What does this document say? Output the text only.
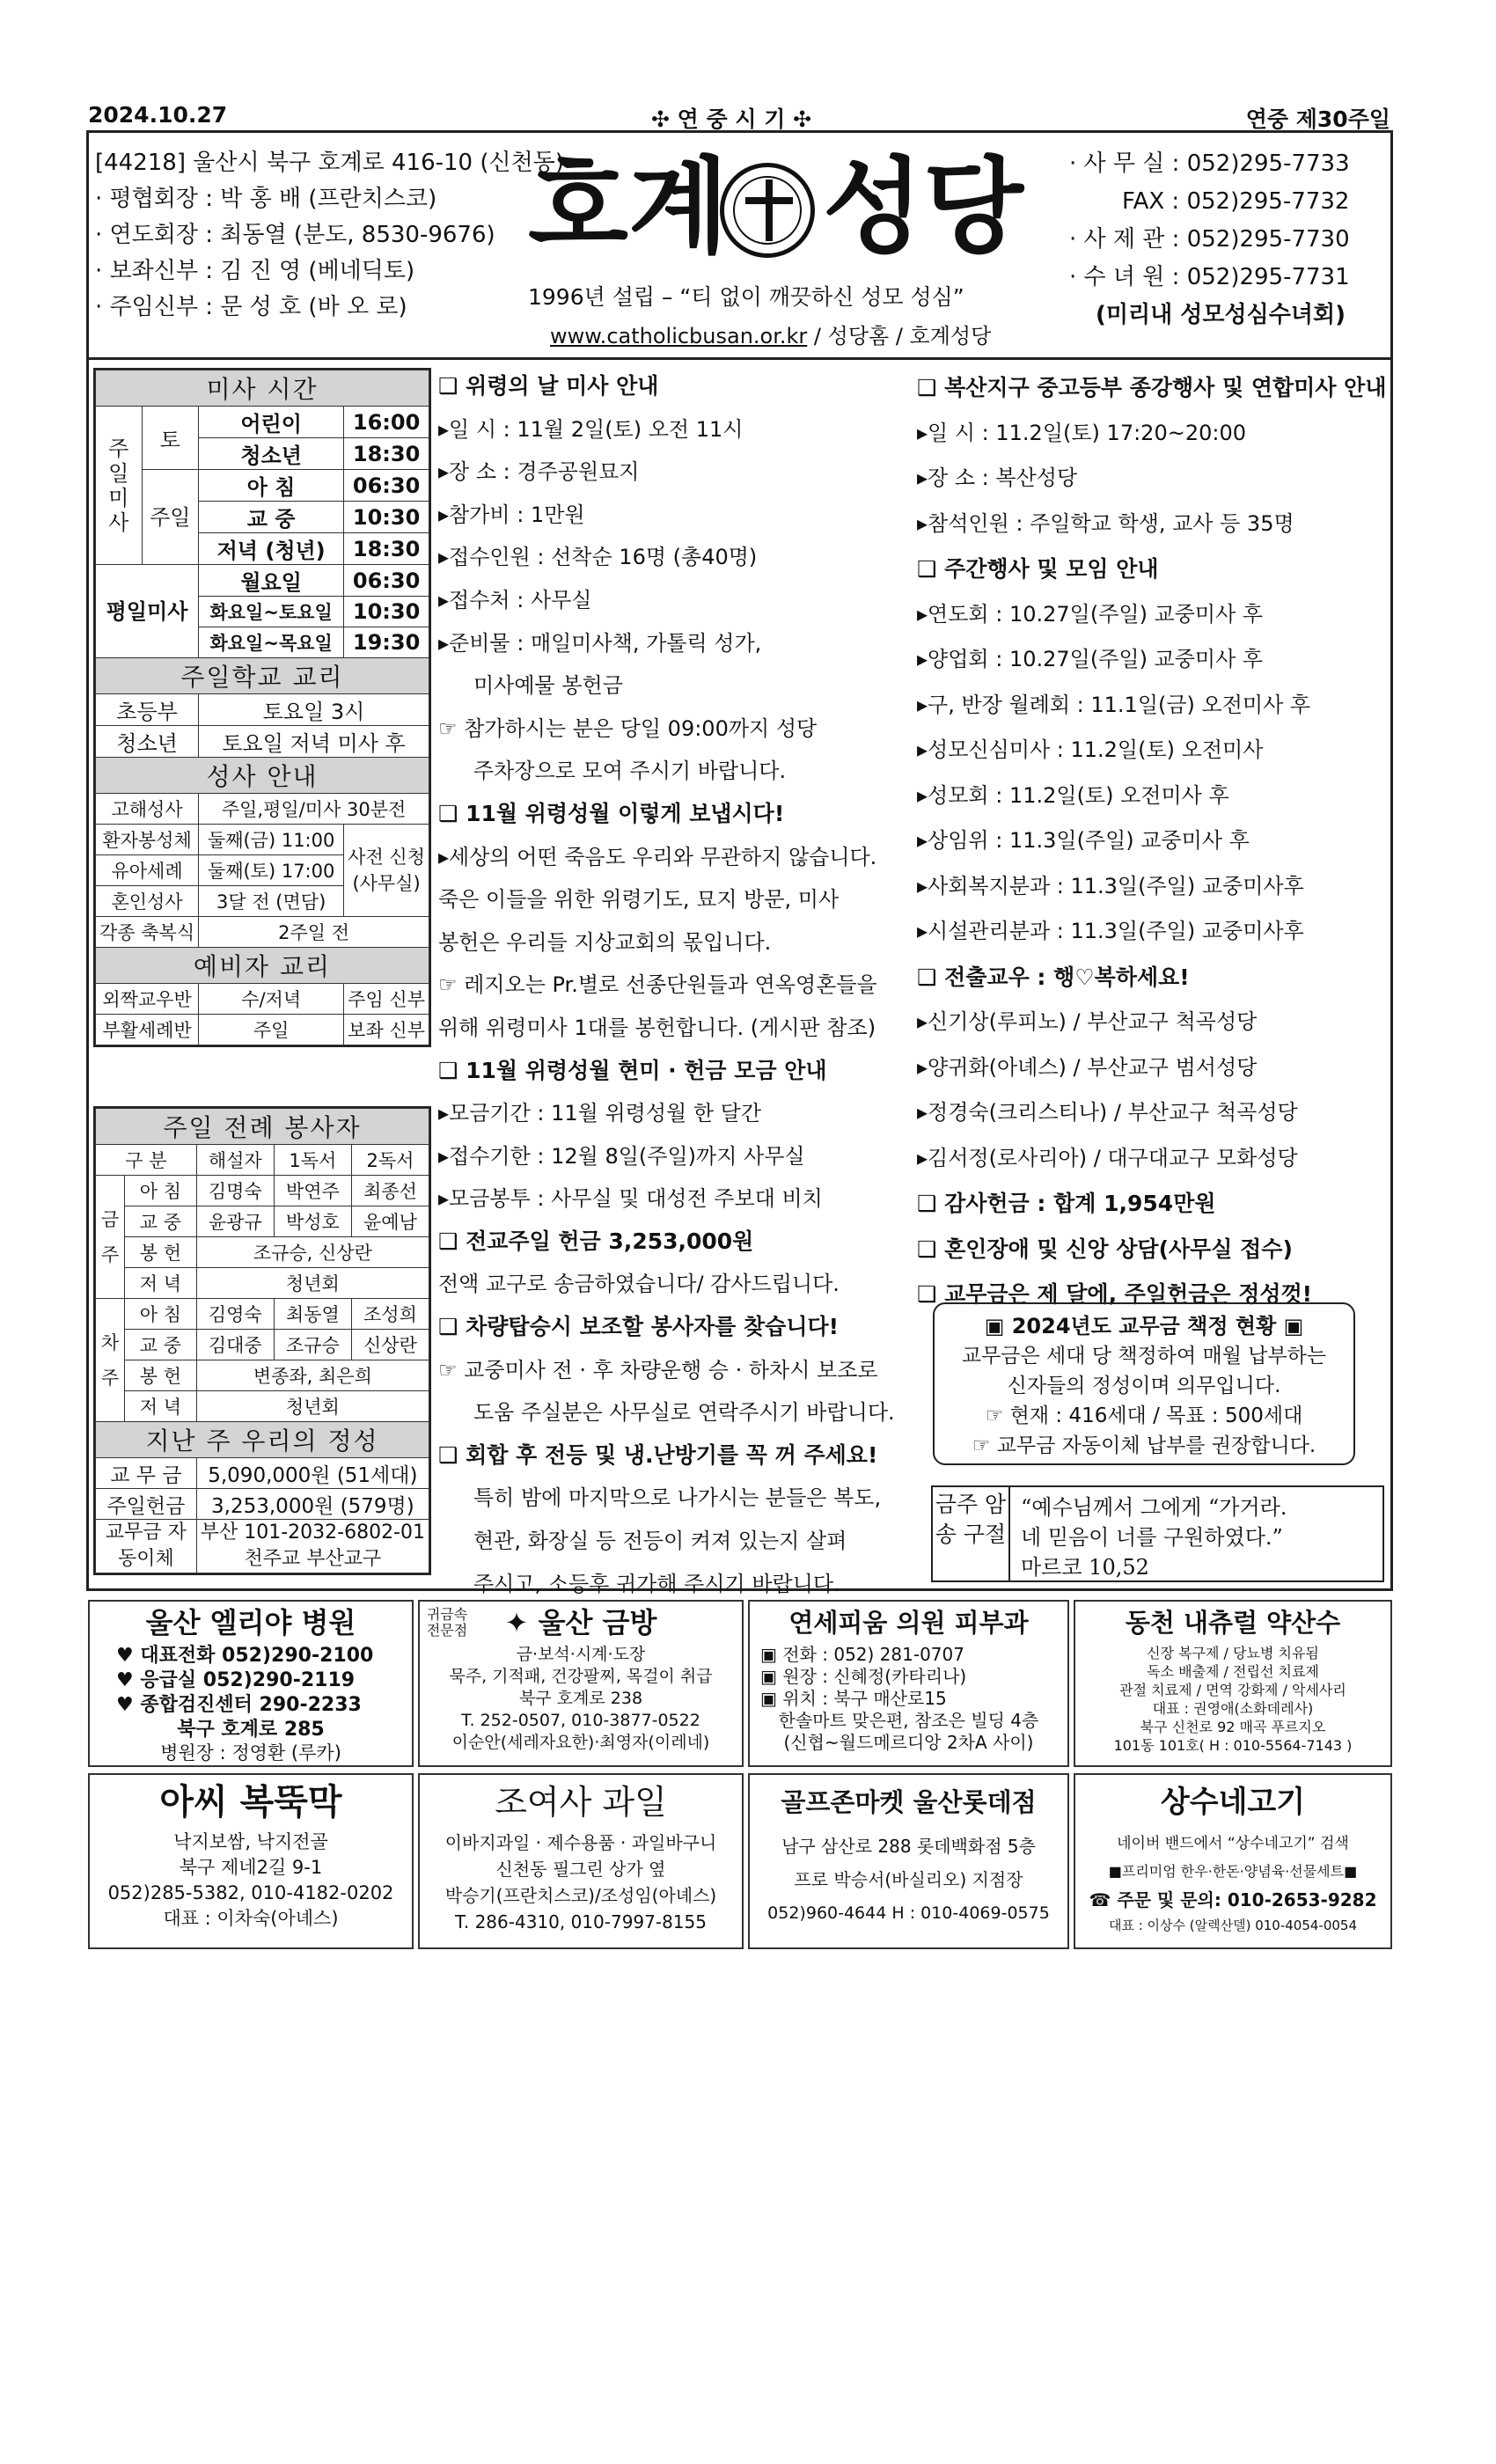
2024.10.27	✣ 연 중 시 기 ✣	연중 제30주일
[44218] 울산시 북구 호계로 416-10 (신천동)
· 평협회장 : 박 홍 배 (프란치스코)
· 연도회장 : 최동열 (분도, 8530-9676)
· 보좌신부 : 김 진 영 (베네딕토)
· 주임신부 : 문 성 호 (바 오 로)
호계 성당
1996년 설립 – “티 없이 깨끗하신 성모 성심”
www.catholicbusan.or.kr / 성당홈 / 호계성당
· 사 무 실 : 052)295-7733
FAX : 052)295-7732
· 사 제 관 : 052)295-7730
· 수 녀 원 : 052)295-7731
(미리내 성모성심수녀회)
미사 시간			
주일미사	토	어린이	16:00
		청소년	18:30
	주일	아 침	06:30
		교 중	10:30
		저녁 (청년)	18:30
평일미사		월요일	06:30
		화요일~토요일	10:30
		화요일~목요일	19:30
주일학교 교리			
초등부		토요일 3시	
청소년		토요일 저녁 미사 후	
성사 안내			
고해성사		주일,평일/미사 30분전	
환자봉성체		둘째(금) 11:00	사전 신청 (사무실)
유아세례		둘째(토) 17:00	
혼인성사		3달 전 (면담)	
각종 축복식		2주일 전	
예비자 교리			
외짝교우반		수/저녁	주임 신부
부활세례반		주일	보좌 신부
주일 전례 봉사자				
구 분		해설자	1독서	2독서
금주	아 침	김명숙	박연주	최종선
	교 중	윤광규	박성호	윤예남
	봉 헌	조규승, 신상란		
	저 녁	청년회		
차주	아 침	김영숙	최동열	조성희
	교 중	김대중	조규승	신상란
	봉 헌	변종좌, 최은희		
	저 녁	청년회		
지난 주 우리의 정성				
교 무 금		5,090,000원 (51세대)		
주일헌금		3,253,000원 (579명)		
교무금 자동이체		부산 101-2032-6802-01
천주교 부산교구		
❑ 위령의 날 미사 안내
▸일 시 : 11월 2일(토) 오전 11시
▸장 소 : 경주공원묘지
▸참가비 : 1만원
▸접수인원 : 선착순 16명 (총40명)
▸접수처 : 사무실
▸준비물 : 매일미사책, 가톨릭 성가,
미사예물 봉헌금
☞ 참가하시는 분은 당일 09:00까지 성당
주차장으로 모여 주시기 바랍니다.
❑ 11월 위령성월 이렇게 보냅시다!
▸세상의 어떤 죽음도 우리와 무관하지 않습니다.
죽은 이들을 위한 위령기도, 묘지 방문, 미사
봉헌은 우리들 지상교회의 몫입니다.
☞ 레지오는 Pr.별로 선종단원들과 연옥영혼들을
위해 위령미사 1대를 봉헌합니다. (게시판 참조)
❑ 11월 위령성월 현미 · 헌금 모금 안내
▸모금기간 : 11월 위령성월 한 달간
▸접수기한 : 12월 8일(주일)까지 사무실
▸모금봉투 : 사무실 및 대성전 주보대 비치
❑ 전교주일 헌금 3,253,000원
전액 교구로 송금하였습니다/ 감사드립니다.
❑ 차량탑승시 보조할 봉사자를 찾습니다!
☞ 교중미사 전 · 후 차량운행 승 · 하차시 보조로
도움 주실분은 사무실로 연락주시기 바랍니다.
❑ 회합 후 전등 및 냉.난방기를 꼭 꺼 주세요!
특히 밤에 마지막으로 나가시는 분들은 복도,
현관, 화장실 등 전등이 켜져 있는지 살펴
주시고, 소등후 귀가해 주시기 바랍니다.
❑ 복산지구 중고등부 종강행사 및 연합미사 안내
▸일 시 : 11.2일(토) 17:20~20:00
▸장 소 : 복산성당
▸참석인원 : 주일학교 학생, 교사 등 35명
❑ 주간행사 및 모임 안내
▸연도회 : 10.27일(주일) 교중미사 후
▸양업회 : 10.27일(주일) 교중미사 후
▸구, 반장 월례회 : 11.1일(금) 오전미사 후
▸성모신심미사 : 11.2일(토) 오전미사
▸성모회 : 11.2일(토) 오전미사 후
▸상임위 : 11.3일(주일) 교중미사 후
▸사회복지분과 : 11.3일(주일) 교중미사후
▸시설관리분과 : 11.3일(주일) 교중미사후
❑ 전출교우 : 행♡복하세요!
▸신기상(루피노) / 부산교구 척곡성당
▸양귀화(아녜스) / 부산교구 범서성당
▸정경숙(크리스티나) / 부산교구 척곡성당
▸김서정(로사리아) / 대구대교구 모화성당
❑ 감사헌금 : 합계 1,954만원
❑ 혼인장애 및 신앙 상담(사무실 접수)
❑ 교무금은 제 달에, 주일헌금은 정성껏!
▣ 2024년도 교무금 책정 현황 ▣
교무금은 세대 당 책정하여 매월 납부하는
신자들의 정성이며 의무입니다.
☞ 현재 : 416세대 / 목표 : 500세대
☞ 교무금 자동이체 납부를 권장합니다.
금주 암송 구절
“예수님께서 그에게 “가거라.
네 믿음이 너를 구원하였다.”
마르코 10,52
울산 엘리야 병원
♥ 대표전화 052)290-2100
♥ 응급실 052)290-2119
♥ 종합검진센터 290-2233
북구 호계로 285
병원장 : 정영환 (루카)
귀금속 전문점	✦ 울산 금방
금·보석·시계·도장
묵주, 기적패, 건강팔찌, 목걸이 취급
북구 호계로 238
T. 252-0507, 010-3877-0522
이순안(세레자요한)·최영자(이레네)
연세피움 의원 피부과
▣ 전화 : 052) 281-0707
▣ 원장 : 신혜정(카타리나)
▣ 위치 : 북구 매산로15
한솔마트 맞은편, 참조은 빌딩 4층
(신협~월드메르디앙 2차A 사이)
동천 내츄럴 약산수
신장 복구제 / 당뇨병 치유됨
독소 배출제 / 전립선 치료제
관절 치료제 / 면역 강화제 / 악세사리
대표 : 권영애(소화데레사)
북구 신천로 92 매곡 푸르지오
101동 101호( H : 010-5564-7143 )
아씨 복뚝막
낙지보쌈, 낙지전골
북구 제네2길 9-1
052)285-5382, 010-4182-0202
대표 : 이차숙(아녜스)
조여사 과일
이바지과일 · 제수용품 · 과일바구니
신천동 필그린 상가 옆
박승기(프란치스코)/조성임(아녜스)
T. 286-4310, 010-7997-8155
골프존마켓 울산롯데점
남구 삼산로 288 롯데백화점 5층
프로 박승서(바실리오) 지점장
052)960-4644 H : 010-4069-0575
상수네고기
네이버 밴드에서 “상수네고기” 검색
■프리미엄 한우·한돈·양념육·선물세트■
☎ 주문 및 문의: 010-2653-9282
대표 : 이상수 (알렉산델) 010-4054-0054
